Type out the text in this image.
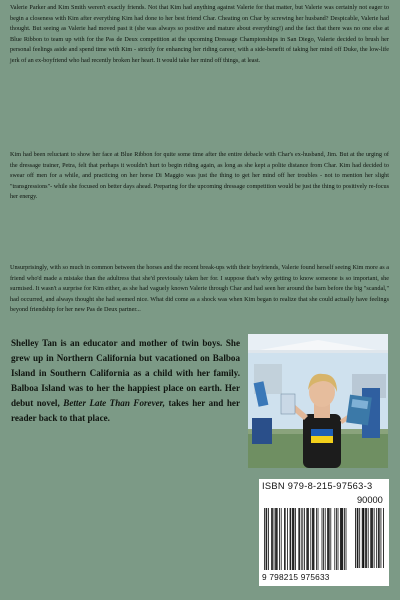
Valerie Parker and Kim Smith weren't exactly friends. Not that Kim had anything against Valerie for that matter, but Valerie was certainly not eager to begin a closeness with Kim after everything Kim had done to her best friend Char. Cheating on Char by screwing her husband? Despicable, Valerie had thought. But seeing as Valerie had moved past it (she was always so positive and mature about everything!) and the fact that there was no one else at Blue Ribbon to team up with for the Pas de Deux competition at the upcoming Dressage Championships in San Diego, Valerie decided to brush her personal feelings aside and spend time with Kim - strictly for enhancing her riding career, with a side-benefit of taking her mind off Duke, the low-life jerk of an ex-boyfriend who had recently broken her heart. It would take her mind off things, at least.

Kim had been reluctant to show her face at Blue Ribbon for quite some time after the entire debacle with Char's ex-husband, Jim. But at the urging of the dressage trainer, Petra, felt that perhaps it wouldn't hurt to begin riding again, as long as she kept a polite distance from Char. Kim had decided to swear off men for a while, and practicing on her horse Di Maggio was just the thing to get her mind off her troubles - not to mention her slight "transgressions"- while she focused on better days ahead. Preparing for the upcoming dressage competition would be just the thing to positively re-focus her energy.

Unsurprisingly, with so much in common between the horses and the recent break-ups with their boyfriends, Valerie found herself seeing Kim more as a friend who'd made a mistake than the adultress that she'd previously taken her for. I suppose that's why getting to know someone is so important, she surmised. It wasn't a surprise for Kim either, as she had vaguely known Valerie through Char and had seen her around the barn before the big "scandal," had occurred, and always thought she had seemed nice. What did come as a shock was when Kim began to realize that she could actually have feelings beyond friendship for her new Pas de Deux partner...

Shelley Tan is an educator and mother of twin boys. She grew up in Northern California but vacationed on Balboa Island in Southern California as a child with her family. Balboa Island was to her the happiest place on earth. Her debut novel, Better Late Than Forever, takes her and her reader back to that place.

ISBN 979-8-215-97563-3
90000
9 798215 975633
